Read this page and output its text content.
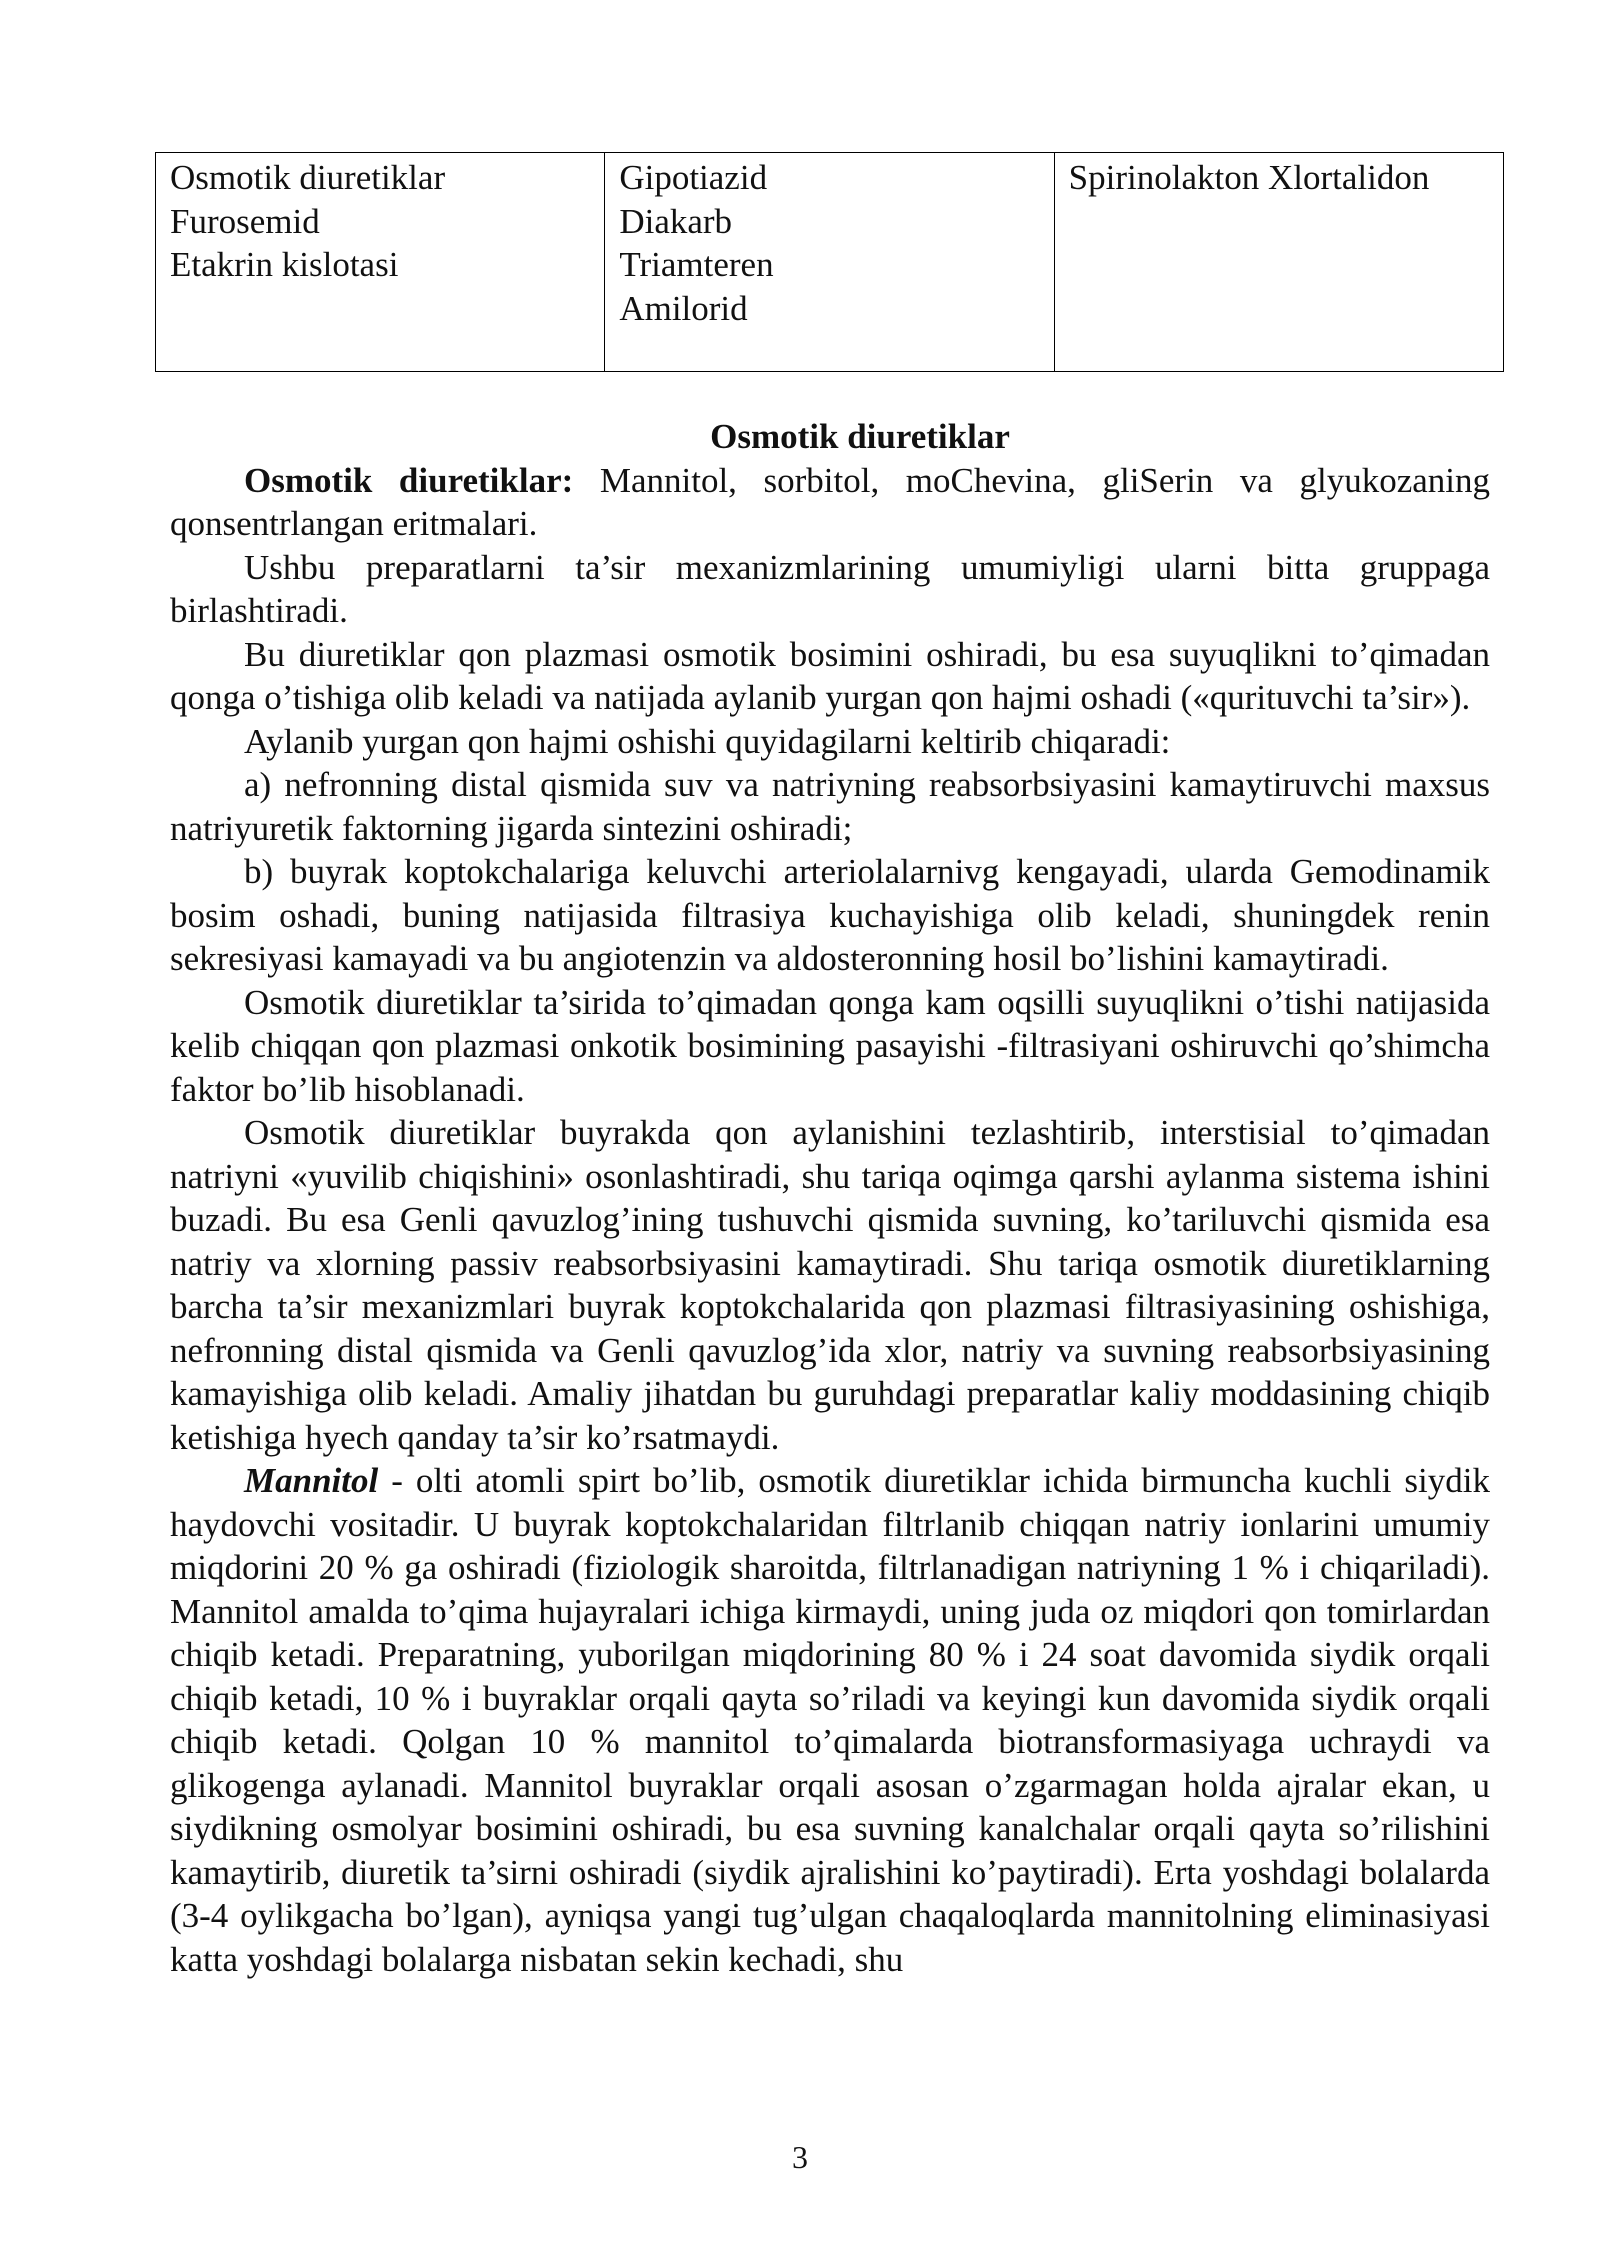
Osmotik diuretiklar
Furosemid
Etakrin kislotasi

Gipotiazid
Diakarb
Triamteren
Amilorid

Spirinolakton Xlortalidon

Osmotik diuretiklar

Osmotik diuretiklar: Mannitol, sorbitol, moChevina, gliSerin va glyukozaning qonsentrlangan eritmalari.

Ushbu preparatlarni ta’sir mexanizmlarining umumiyligi ularni bitta gruppaga birlashtiradi.

Bu diuretiklar qon plazmasi osmotik bosimini oshiradi, bu esa suyuqlikni to’qimadan qonga o’tishiga olib keladi va natijada aylanib yurgan qon hajmi oshadi («qurituvchi ta’sir»).

Aylanib yurgan qon hajmi oshishi quyidagilarni keltirib chiqaradi:

a) nefronning distal qismida suv va natriyning reabsorbsiyasini kamaytiruvchi maxsus natriyuretik faktorning jigarda sintezini oshiradi;

b) buyrak koptokchalariga keluvchi arteriolalarnivg kengayadi, ularda Gemodinamik bosim oshadi, buning natijasida filtrasiya kuchayishiga olib keladi, shuningdek renin sekresiyasi kamayadi va bu angiotenzin va aldosteronning hosil bo’lishini kamaytiradi.

Osmotik diuretiklar ta’sirida to’qimadan qonga kam oqsilli suyuqlikni o’tishi natijasida kelib chiqqan qon plazmasi onkotik bosimining pasayishi -filtrasiyani oshiruvchi qo’shimcha faktor bo’lib hisoblanadi.

Osmotik diuretiklar buyrakda qon aylanishini tezlashtirib, interstisial to’qimadan natriyni «yuvilib chiqishini» osonlashtiradi, shu tariqa oqimga qarshi aylanma sistema ishini buzadi. Bu esa Genli qavuzlog’ining tushuvchi qismida suvning, ko’tariluvchi qismida esa natriy va xlorning passiv reabsorbsiyasini kamaytiradi. Shu tariqa osmotik diuretiklarning barcha ta’sir mexanizmlari buyrak koptokchalarida qon plazmasi filtrasiyasining oshishiga, nefronning distal qismida va Genli qavuzlog’ida xlor, natriy va suvning reabsorbsiyasining kamayishiga olib keladi. Amaliy jihatdan bu guruhdagi preparatlar kaliy moddasining chiqib ketishiga hyech qanday ta’sir ko’rsatmaydi.

Mannitol - olti atomli spirt bo’lib, osmotik diuretiklar ichida birmuncha kuchli siydik haydovchi vositadir. U buyrak koptokchalaridan filtrlanib chiqqan natriy ionlarini umumiy miqdorini 20 % ga oshiradi (fiziologik sharoitda, filtrlanadigan natriyning 1 % i chiqariladi). Mannitol amalda to’qima hujayralari ichiga kirmaydi, uning juda oz miqdori qon tomirlardan chiqib ketadi. Preparatning, yuborilgan miqdorining 80 % i 24 soat davomida siydik orqali chiqib ketadi, 10 % i buyraklar orqali qayta so’riladi va keyingi kun davomida siydik orqali chiqib ketadi. Qolgan 10 % mannitol to’qimalarda biotransformasiyaga uchraydi va glikogenga aylanadi. Mannitol buyraklar orqali asosan o’zgarmagan holda ajralar ekan, u siydikning osmolyar bosimini oshiradi, bu esa suvning kanalchalar orqali qayta so’rilishini kamaytirib, diuretik ta’sirni oshiradi (siydik ajralishini ko’paytiradi). Erta yoshdagi bolalarda (3-4 oylikgacha bo’lgan), ayniqsa yangi tug’ulgan chaqaloqlarda mannitolning eliminasiyasi katta yoshdagi bolalarga nisbatan sekin kechadi, shu

3
